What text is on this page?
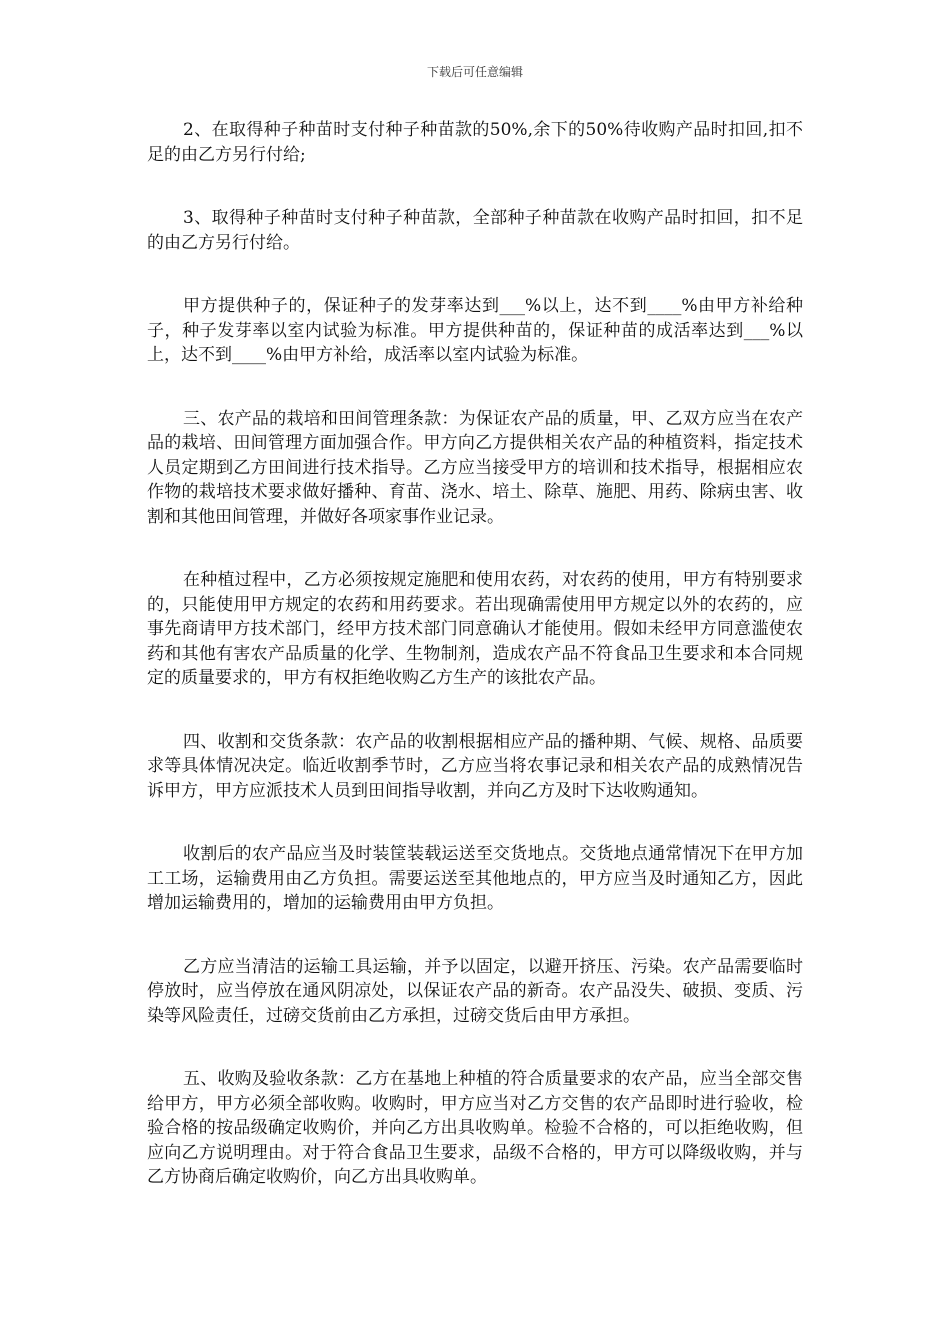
下载后可任意编辑

2、在取得种子种苗时支付种子种苗款的50%,余下的50%待收购产品时扣回,扣不足的由乙方另行付给;

3、取得种子种苗时支付种子种苗款，全部种子种苗款在收购产品时扣回，扣不足的由乙方另行付给。

甲方提供种子的，保证种子的发芽率达到___%以上，达不到____%由甲方补给种子，种子发芽率以室内试验为标准。甲方提供种苗的，保证种苗的成活率达到___%以上，达不到____%由甲方补给，成活率以室内试验为标准。

三、农产品的栽培和田间管理条款：为保证农产品的质量，甲、乙双方应当在农产品的栽培、田间管理方面加强合作。甲方向乙方提供相关农产品的种植资料，指定技术人员定期到乙方田间进行技术指导。乙方应当接受甲方的培训和技术指导，根据相应农作物的栽培技术要求做好播种、育苗、浇水、培土、除草、施肥、用药、除病虫害、收割和其他田间管理，并做好各项家事作业记录。

在种植过程中，乙方必须按规定施肥和使用农药，对农药的使用，甲方有特别要求的，只能使用甲方规定的农药和用药要求。若出现确需使用甲方规定以外的农药的，应事先商请甲方技术部门，经甲方技术部门同意确认才能使用。假如未经甲方同意滥使农药和其他有害农产品质量的化学、生物制剂，造成农产品不符食品卫生要求和本合同规定的质量要求的，甲方有权拒绝收购乙方生产的该批农产品。

四、收割和交货条款：农产品的收割根据相应产品的播种期、气候、规格、品质要求等具体情况决定。临近收割季节时，乙方应当将农事记录和相关农产品的成熟情况告诉甲方，甲方应派技术人员到田间指导收割，并向乙方及时下达收购通知。

收割后的农产品应当及时装筐装载运送至交货地点。交货地点通常情况下在甲方加工工场，运输费用由乙方负担。需要运送至其他地点的，甲方应当及时通知乙方，因此增加运输费用的，增加的运输费用由甲方负担。

乙方应当清洁的运输工具运输，并予以固定，以避开挤压、污染。农产品需要临时停放时，应当停放在通风阴凉处，以保证农产品的新奇。农产品没失、破损、变质、污染等风险责任，过磅交货前由乙方承担，过磅交货后由甲方承担。

五、收购及验收条款：乙方在基地上种植的符合质量要求的农产品，应当全部交售给甲方，甲方必须全部收购。收购时，甲方应当对乙方交售的农产品即时进行验收，检验合格的按品级确定收购价，并向乙方出具收购单。检验不合格的，可以拒绝收购，但应向乙方说明理由。对于符合食品卫生要求，品级不合格的，甲方可以降级收购，并与乙方协商后确定收购价，向乙方出具收购单。
